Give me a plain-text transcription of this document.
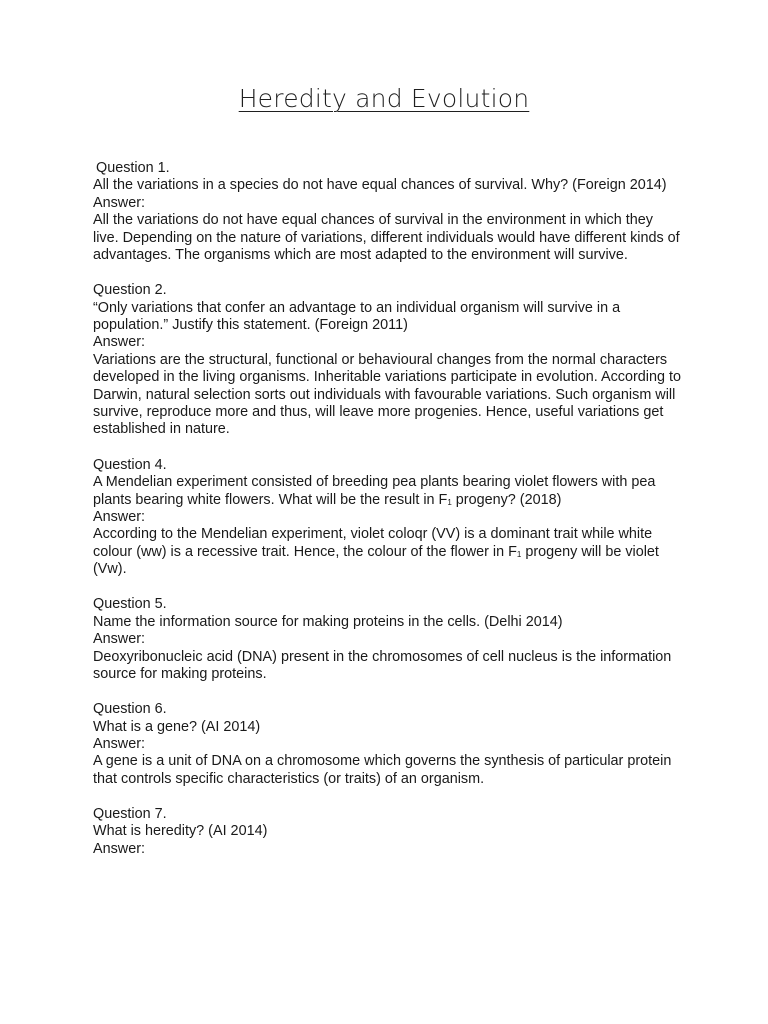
Heredity and Evolution

Question 1.

All the variations in a species do not have equal chances of survival. Why? (Foreign 2014)

Answer:

All the variations do not have equal chances of survival in the environment in which they live. Depending on the nature of variations, different individuals would have different kinds of advantages. The organisms which are most adapted to the environment will survive.

Question 2.

“Only variations that confer an advantage to an individual organism will survive in a population.” Justify this statement. (Foreign 2011)

Answer:

Variations are the structural, functional or behavioural changes from the normal characters developed in the living organisms. Inheritable variations participate in evolution. According to Darwin, natural selection sorts out individuals with favourable variations. Such organism will survive, reproduce more and thus, will leave more progenies. Hence, useful variations get established in nature.

Question 4.

A Mendelian experiment consisted of breeding pea plants bearing violet flowers with pea plants bearing white flowers. What will be the result in $F_1$ progeny? (2018)

Answer:

According to the Mendelian experiment, violet coloqr (VV) is a dominant trait while white colour (ww) is a recessive trait. Hence, the colour of the flower in $F_1$ progeny will be violet (Vw).

Question 5.

Name the information source for making proteins in the cells. (Delhi 2014)

Answer:

Deoxyribonucleic acid (DNA) present in the chromosomes of cell nucleus is the information source for making proteins.

Question 6.

What is a gene? (AI 2014)

Answer:

A gene is a unit of DNA on a chromosome which governs the synthesis of particular protein that controls specific characteristics (or traits) of an organism.

Question 7.

What is heredity? (AI 2014)

Answer:
